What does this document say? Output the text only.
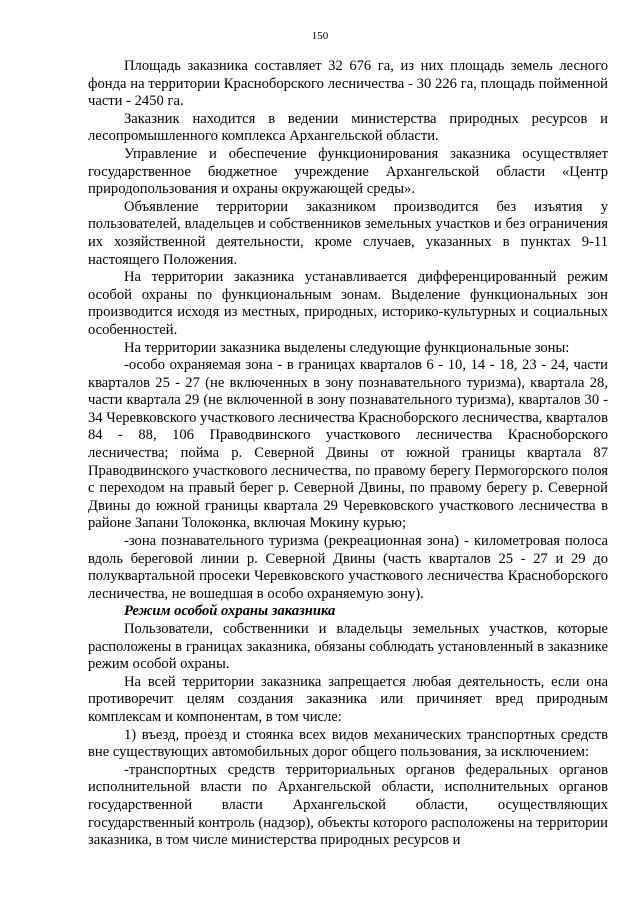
150

Площадь заказника составляет 32 676 га, из них площадь земель лесного фонда на территории Красноборского лесничества - 30 226 га, площадь пойменной части - 2450 га.

Заказник находится в ведении министерства природных ресурсов и лесопромышленного комплекса Архангельской области.

Управление и обеспечение функционирования заказника осуществляет государственное бюджетное учреждение Архангельской области «Центр природопользования и охраны окружающей среды».

Объявление территории заказником производится без изъятия у пользователей, владельцев и собственников земельных участков и без ограничения их хозяйственной деятельности, кроме случаев, указанных в пунктах 9-11 настоящего Положения.

На территории заказника устанавливается дифференцированный режим особой охраны по функциональным зонам. Выделение функциональных зон производится исходя из местных, природных, историко-культурных и социальных особенностей.

На территории заказника выделены следующие функциональные зоны:

-особо охраняемая зона - в границах кварталов 6 - 10, 14 - 18, 23 - 24, части кварталов 25 - 27 (не включенных в зону познавательного туризма), квартала 28, части квартала 29 (не включенной в зону познавательного туризма), кварталов 30 - 34 Черевковского участкового лесничества Красноборского лесничества, кварталов 84 - 88, 106 Праводвинского участкового лесничества Красноборского лесничества; пойма р. Северной Двины от южной границы квартала 87 Праводвинского участкового лесничества, по правому берегу Пермогорского полоя с переходом на правый берег р. Северной Двины, по правому берегу р. Северной Двины до южной границы квартала 29 Черевковского участкового лесничества в районе Запани Толоконка, включая Мокину курью;

-зона познавательного туризма (рекреационная зона) - километровая полоса вдоль береговой линии р. Северной Двины (часть кварталов 25 - 27 и 29 до полуквартальной просеки Черевковского участкового лесничества Красноборского лесничества, не вошедшая в особо охраняемую зону).

Режим особой охраны заказника

Пользователи, собственники и владельцы земельных участков, которые расположены в границах заказника, обязаны соблюдать установленный в заказнике режим особой охраны.

На всей территории заказника запрещается любая деятельность, если она противоречит целям создания заказника или причиняет вред природным комплексам и компонентам, в том числе:

1) въезд, проезд и стоянка всех видов механических транспортных средств вне существующих автомобильных дорог общего пользования, за исключением:

-транспортных средств территориальных органов федеральных органов исполнительной власти по Архангельской области, исполнительных органов государственной власти Архангельской области, осуществляющих государственный контроль (надзор), объекты которого расположены на территории заказника, в том числе министерства природных ресурсов и
